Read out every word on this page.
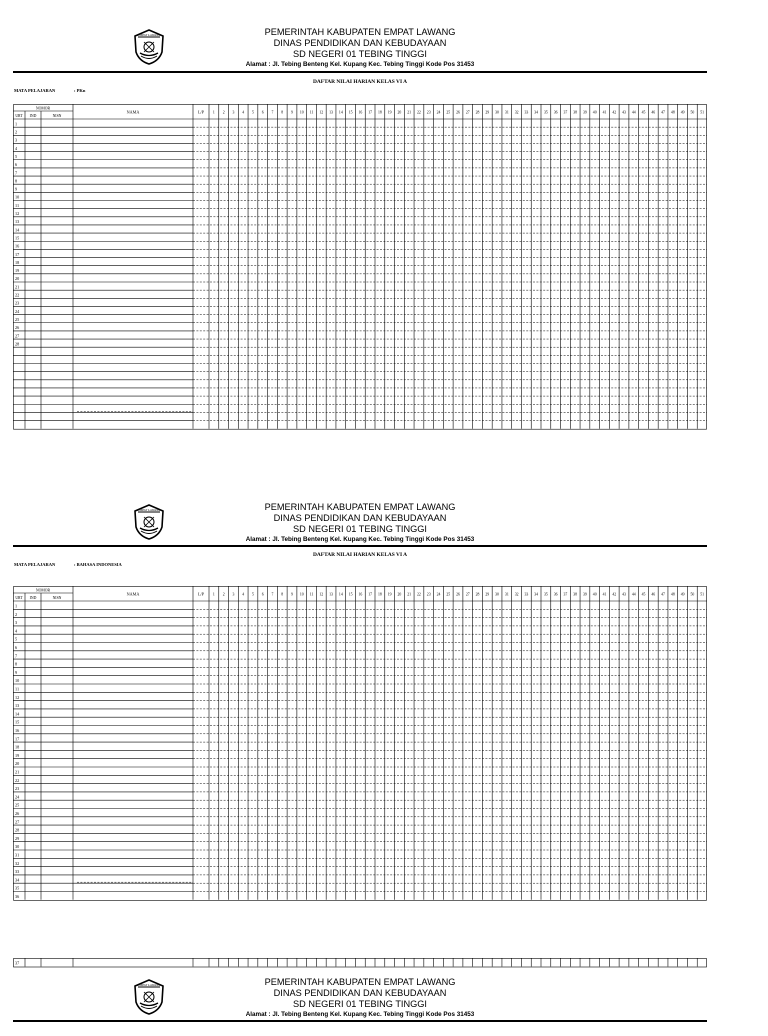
EMPAT LAWANG	PEMERINTAH KABUPATEN EMPAT LAWANG
DINAS PENDIDIKAN DAN KEBUDAYAAN
SD NEGERI 01 TEBING TINGGI
Alamat : Jl. Tebing Benteng Kel. Kupang Kec. Tebing Tinggi Kode Pos 31453
DAFTAR NILAI HARIAN KELAS VI A
MATA PELAJARAN	: PKn
NOMOR
URT IND	NISN
NAMA	L/P 1 2 3 4 5 6 7 8 9 10 11 12 13 14 15 16 17 18 19 20 21 22 23 24 25 26 27 28 29 30 31 32 33 34 35 36 37 38 39 40 41 42 43 44 45 46 47 48 49 50 51
1
2
3
4
5
6
7
8
9
10
11
12
13
14
15
16
17
18
19
20
21
22
23
24
25
26
27
28
EMPAT LAWANG	PEMERINTAH KABUPATEN EMPAT LAWANG
DINAS PENDIDIKAN DAN KEBUDAYAAN
SD NEGERI 01 TEBING TINGGI
Alamat : Jl. Tebing Benteng Kel. Kupang Kec. Tebing Tinggi Kode Pos 31453
DAFTAR NILAI HARIAN KELAS VI A
MATA PELAJARAN	: BAHASA INDONESIA
NOMOR
URT IND	NISN
NAMA	L/P 1 2 3 4 5 6 7 8 9 10 11 12 13 14 15 16 17 18 19 20 21 22 23 24 25 26 27 28 29 30 31 32 33 34 35 36 37 38 39 40 41 42 43 44 45 46 47 48 49 50 51
1
2
3
4
5
6
7
8
9
10
11
12
13
14
15
16
17
18
19
20
21
22
23
24
25
26
27
28
29
30
31
32
33
34
35
36
37
EMPAT LAWANG	PEMERINTAH KABUPATEN EMPAT LAWANG
DINAS PENDIDIKAN DAN KEBUDAYAAN
SD NEGERI 01 TEBING TINGGI
Alamat : Jl. Tebing Benteng Kel. Kupang Kec. Tebing Tinggi Kode Pos 31453
